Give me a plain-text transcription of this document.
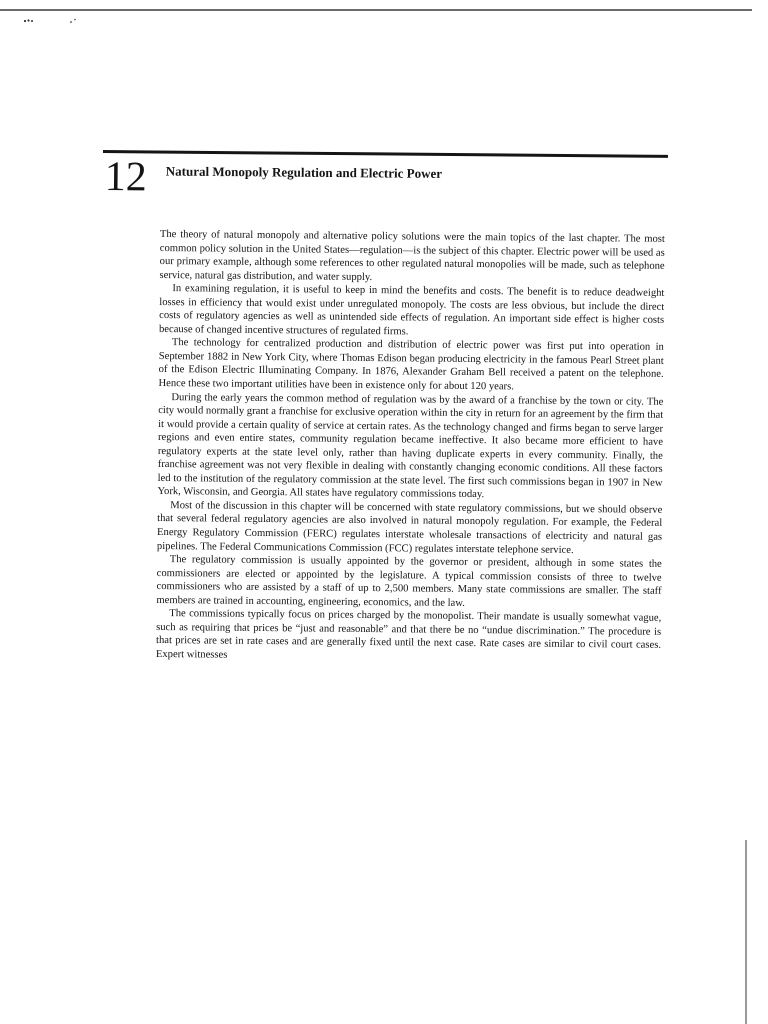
12 Natural Monopoly Regulation and Electric Power

The theory of natural monopoly and alternative policy solutions were the main topics of the last chapter. The most common policy solution in the United States—regulation—is the subject of this chapter. Electric power will be used as our primary example, although some references to other regulated natural monopolies will be made, such as telephone service, natural gas distribution, and water supply.

In examining regulation, it is useful to keep in mind the benefits and costs. The benefit is to reduce deadweight losses in efficiency that would exist under unregulated monopoly. The costs are less obvious, but include the direct costs of regulatory agencies as well as unintended side effects of regulation. An important side effect is higher costs because of changed incentive structures of regulated firms.

The technology for centralized production and distribution of electric power was first put into operation in September 1882 in New York City, where Thomas Edison began producing electricity in the famous Pearl Street plant of the Edison Electric Illuminating Company. In 1876, Alexander Graham Bell received a patent on the telephone. Hence these two important utilities have been in existence only for about 120 years.

During the early years the common method of regulation was by the award of a franchise by the town or city. The city would normally grant a franchise for exclusive operation within the city in return for an agreement by the firm that it would provide a certain quality of service at certain rates. As the technology changed and firms began to serve larger regions and even entire states, community regulation became ineffective. It also became more efficient to have regulatory experts at the state level only, rather than having duplicate experts in every community. Finally, the franchise agreement was not very flexible in dealing with constantly changing economic conditions. All these factors led to the institution of the regulatory commission at the state level. The first such commissions began in 1907 in New York, Wisconsin, and Georgia. All states have regulatory commissions today.

Most of the discussion in this chapter will be concerned with state regulatory commissions, but we should observe that several federal regulatory agencies are also involved in natural monopoly regulation. For example, the Federal Energy Regulatory Commission (FERC) regulates interstate wholesale transactions of electricity and natural gas pipelines. The Federal Communications Commission (FCC) regulates interstate telephone service.

The regulatory commission is usually appointed by the governor or president, although in some states the commissioners are elected or appointed by the legislature. A typical commission consists of three to twelve commissioners who are assisted by a staff of up to 2,500 members. Many state commissions are smaller. The staff members are trained in accounting, engineering, economics, and the law.

The commissions typically focus on prices charged by the monopolist. Their mandate is usually somewhat vague, such as requiring that prices be “just and reasonable” and that there be no “undue discrimination.” The procedure is that prices are set in rate cases and are generally fixed until the next case. Rate cases are similar to civil court cases. Expert witnesses
